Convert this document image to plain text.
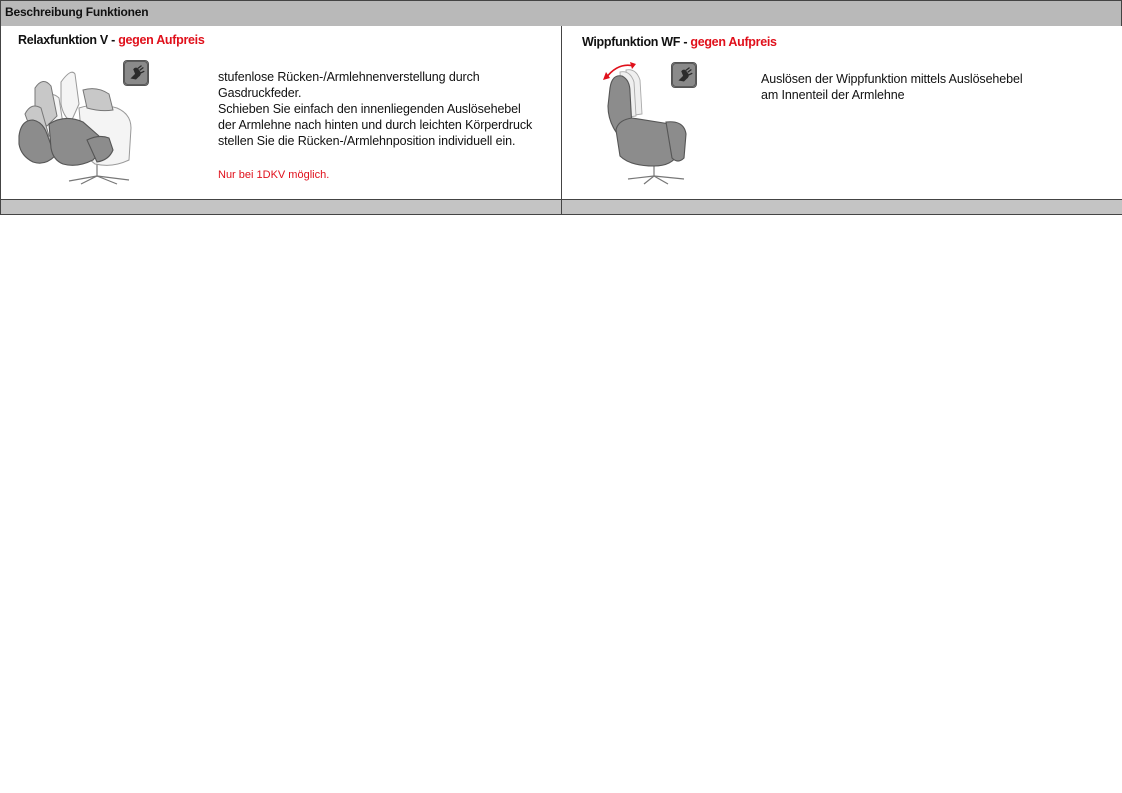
Beschreibung Funktionen
Relaxfunktion V - gegen Aufpreis
stufenlose Rücken-/Armlehnenverstellung durch
Gasdruckfeder.
Schieben Sie einfach den innenliegenden Auslösehebel
der Armlehne nach hinten und durch leichten Körperdruck
stellen Sie die Rücken-/Armlehnposition individuell ein.
Nur bei 1DKV möglich.
Wippfunktion WF - gegen Aufpreis
Auslösen der Wippfunktion mittels Auslösehebel
am Innenteil der Armlehne
